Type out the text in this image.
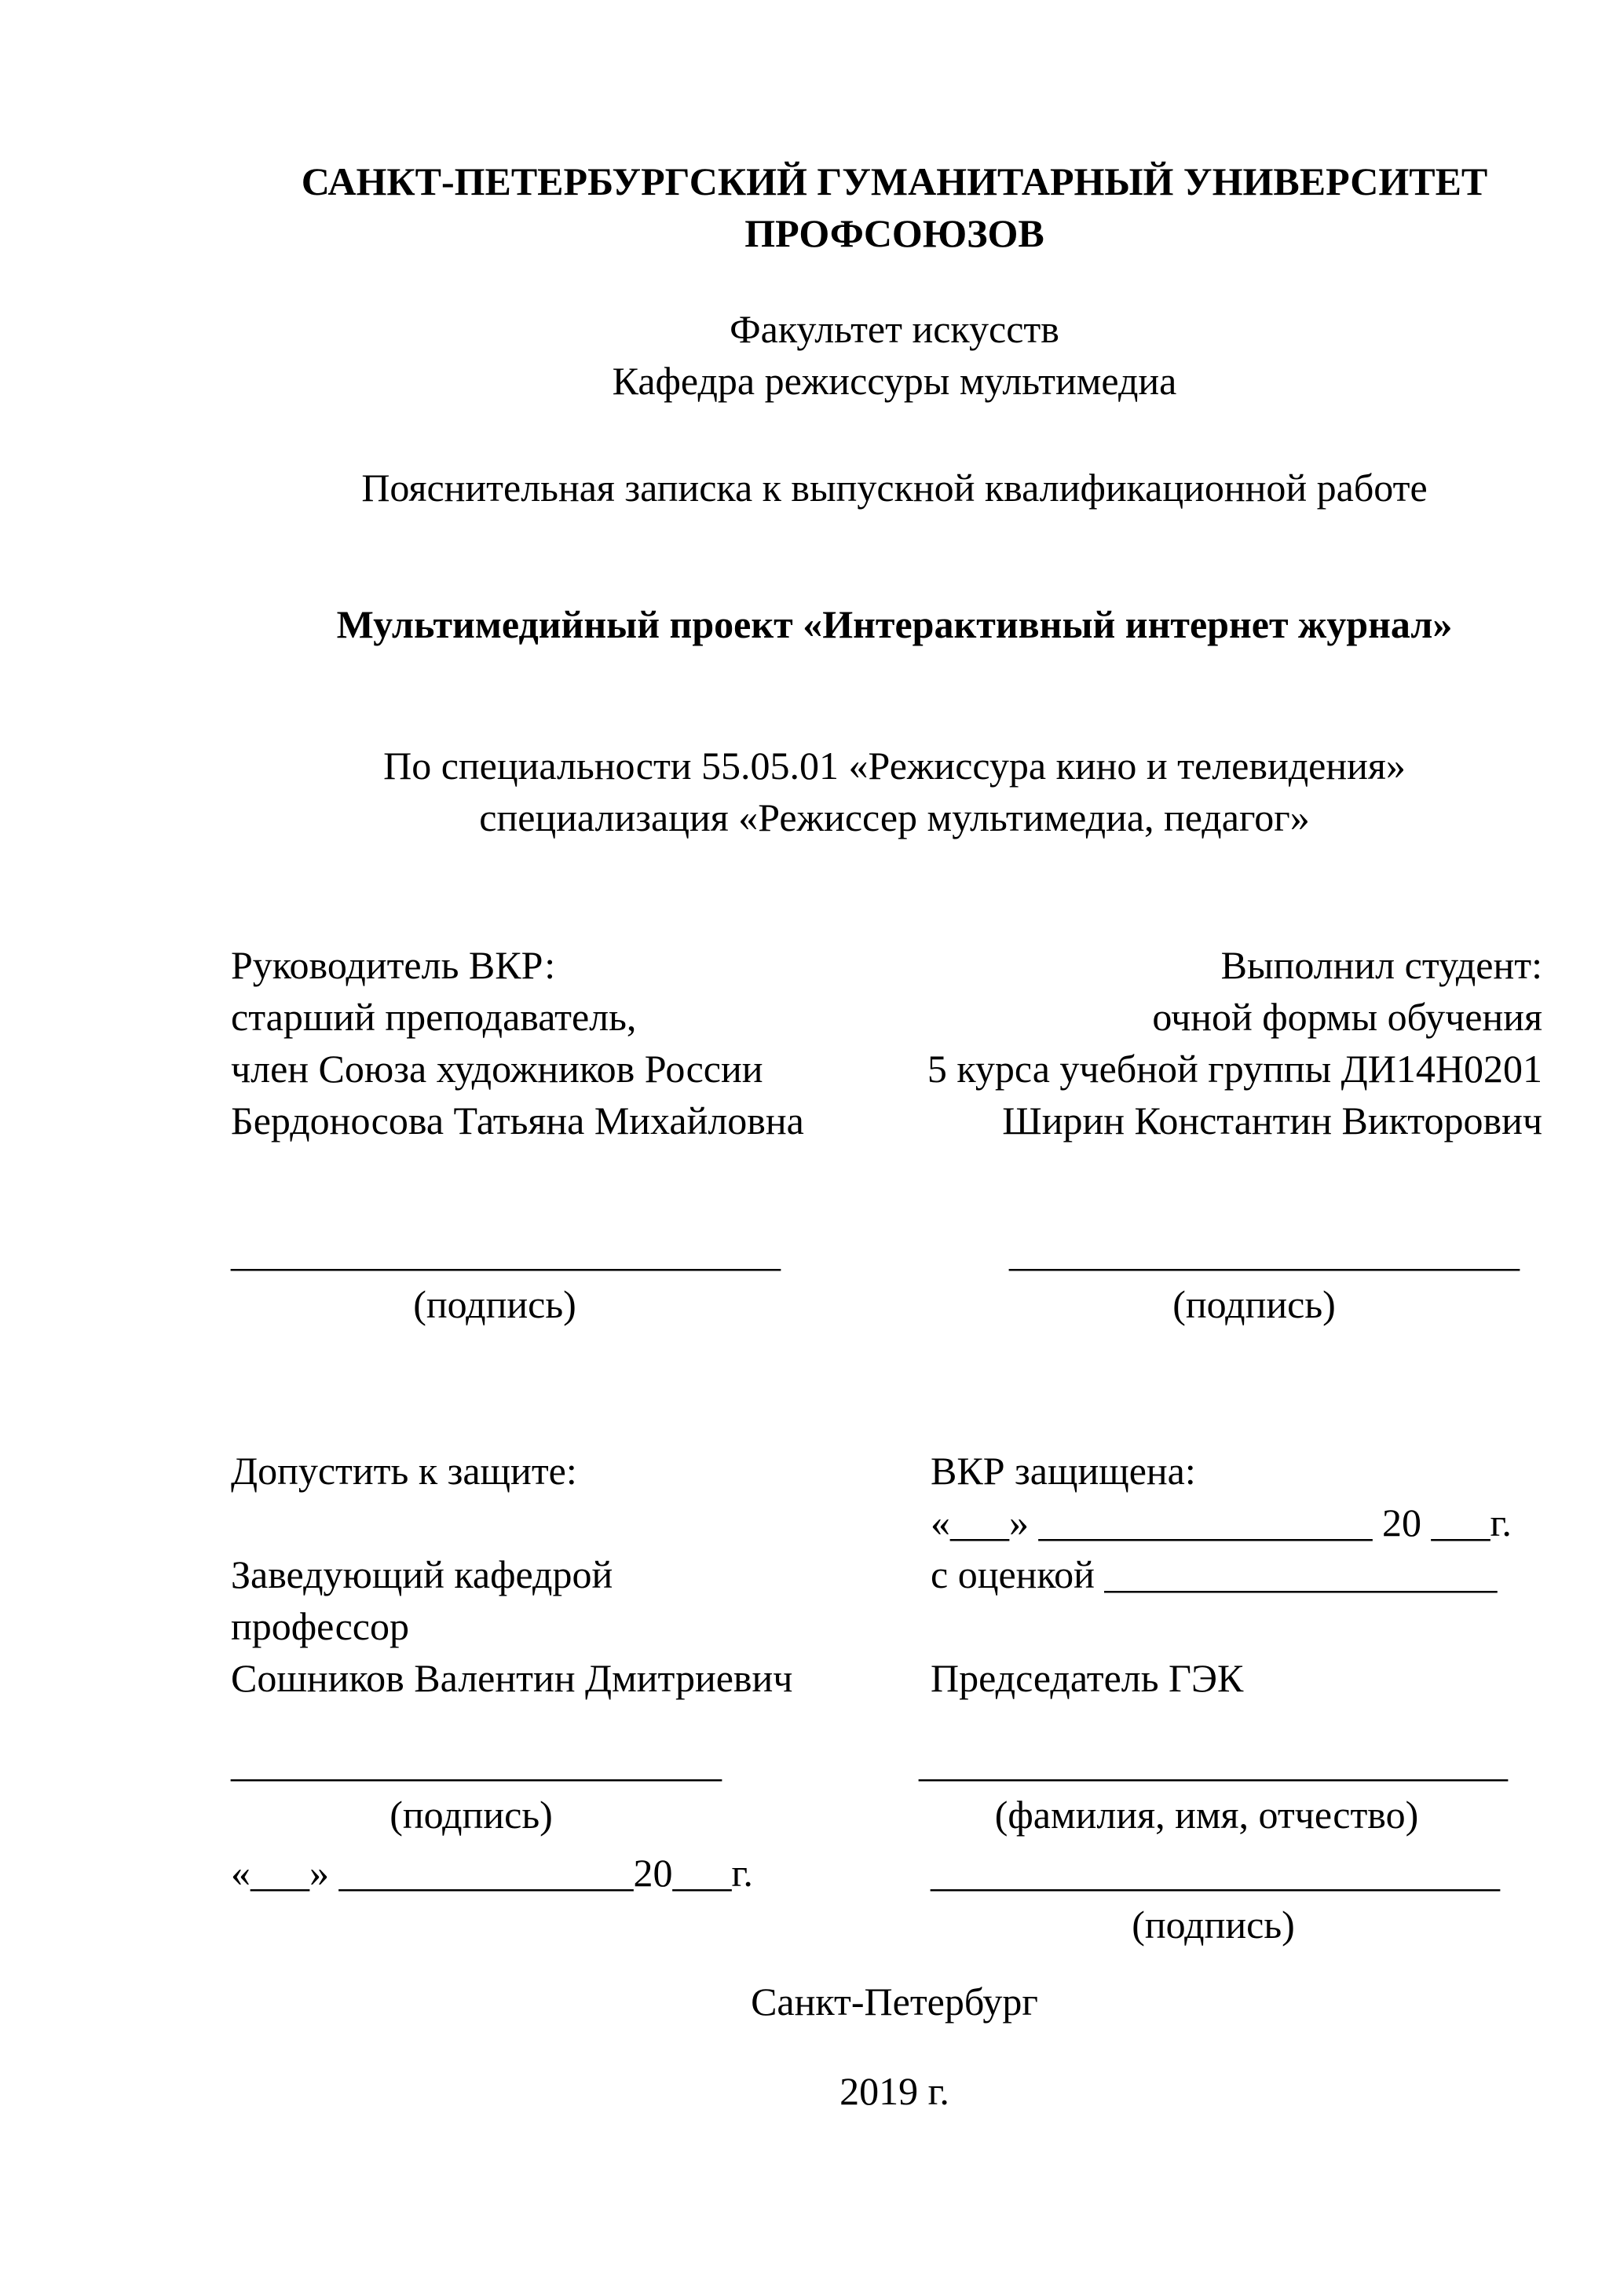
САНКТ-ПЕТЕРБУРГСКИЙ ГУМАНИТАРНЫЙ УНИВЕРСИТЕТ
ПРОФСОЮЗОВ
Факультет искусств
Кафедра режиссуры мультимедиа
Пояснительная записка к выпускной квалификационной работе
Мультимедийный проект «Интерактивный интернет журнал»
По специальности 55.05.01 «Режиссура кино и телевидения»
специализация «Режиссер мультимедиа, педагог»
Руководитель ВКР:
старший преподаватель,
член Союза художников России
Бердоносова Татьяна Михайловна
Выполнил студент:
очной формы обучения
5 курса учебной группы ДИ14Н0201
Ширин Константин Викторович
____________________________
(подпись)
__________________________
(подпись)
Допустить к защите:
Заведующий кафедрой
профессор
Сошников Валентин Дмитриевич
ВКР защищена:
«___» _________________ 20 ___г.
с оценкой ____________________
Председатель ГЭК
_________________________
(подпись)
______________________________
(фамилия, имя, отчество)
«___» _______________20___г.	_____________________________
(подпись)
Санкт-Петербург
2019 г.
